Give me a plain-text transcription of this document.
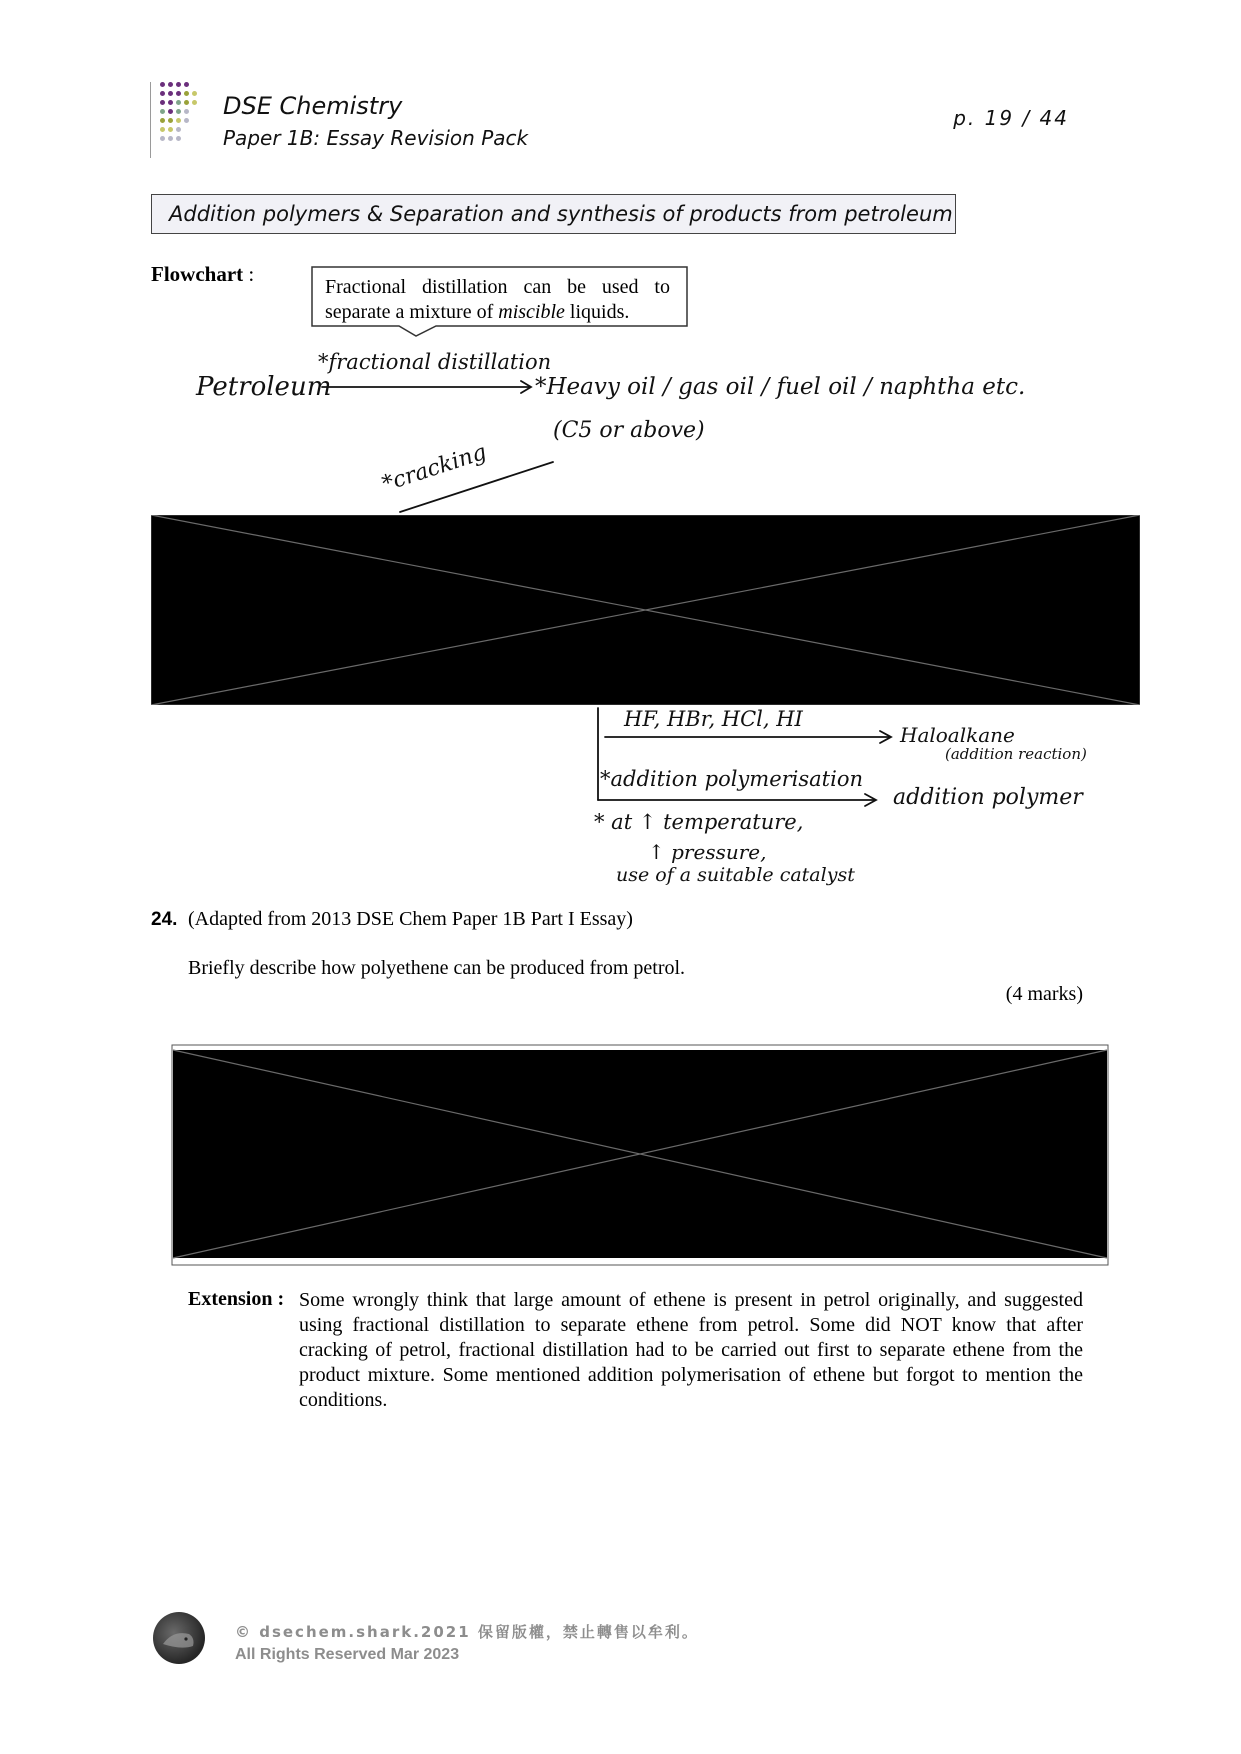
DSE Chemistry
Paper 1B: Essay Revision Pack
p. 19 / 44
Addition polymers & Separation and synthesis of products from petroleum
Flowchart :
Fractional distillation can be used to separate a mixture of miscible liquids.
Petroleum
*fractional distillation
*Heavy oil / gas oil / fuel oil / naphtha etc.
(C5 or above)
*cracking
HF, HBr, HCl, HI
Haloalkane
(addition reaction)
*addition polymerisation
addition polymer
* at ↑ temperature,
↑ pressure,
use of a suitable catalyst
24. (Adapted from 2013 DSE Chem Paper 1B Part I Essay)
Briefly describe how polyethene can be produced from petrol.
(4 marks)
Extension : Some wrongly think that large amount of ethene is present in petrol originally, and suggested using fractional distillation to separate ethene from petrol. Some did NOT know that after cracking of petrol, fractional distillation had to be carried out first to separate ethene from the product mixture. Some mentioned addition polymerisation of ethene but forgot to mention the conditions.
© dsechem.shark.2021 保留版權，禁止轉售以牟利。
All Rights Reserved Mar 2023
